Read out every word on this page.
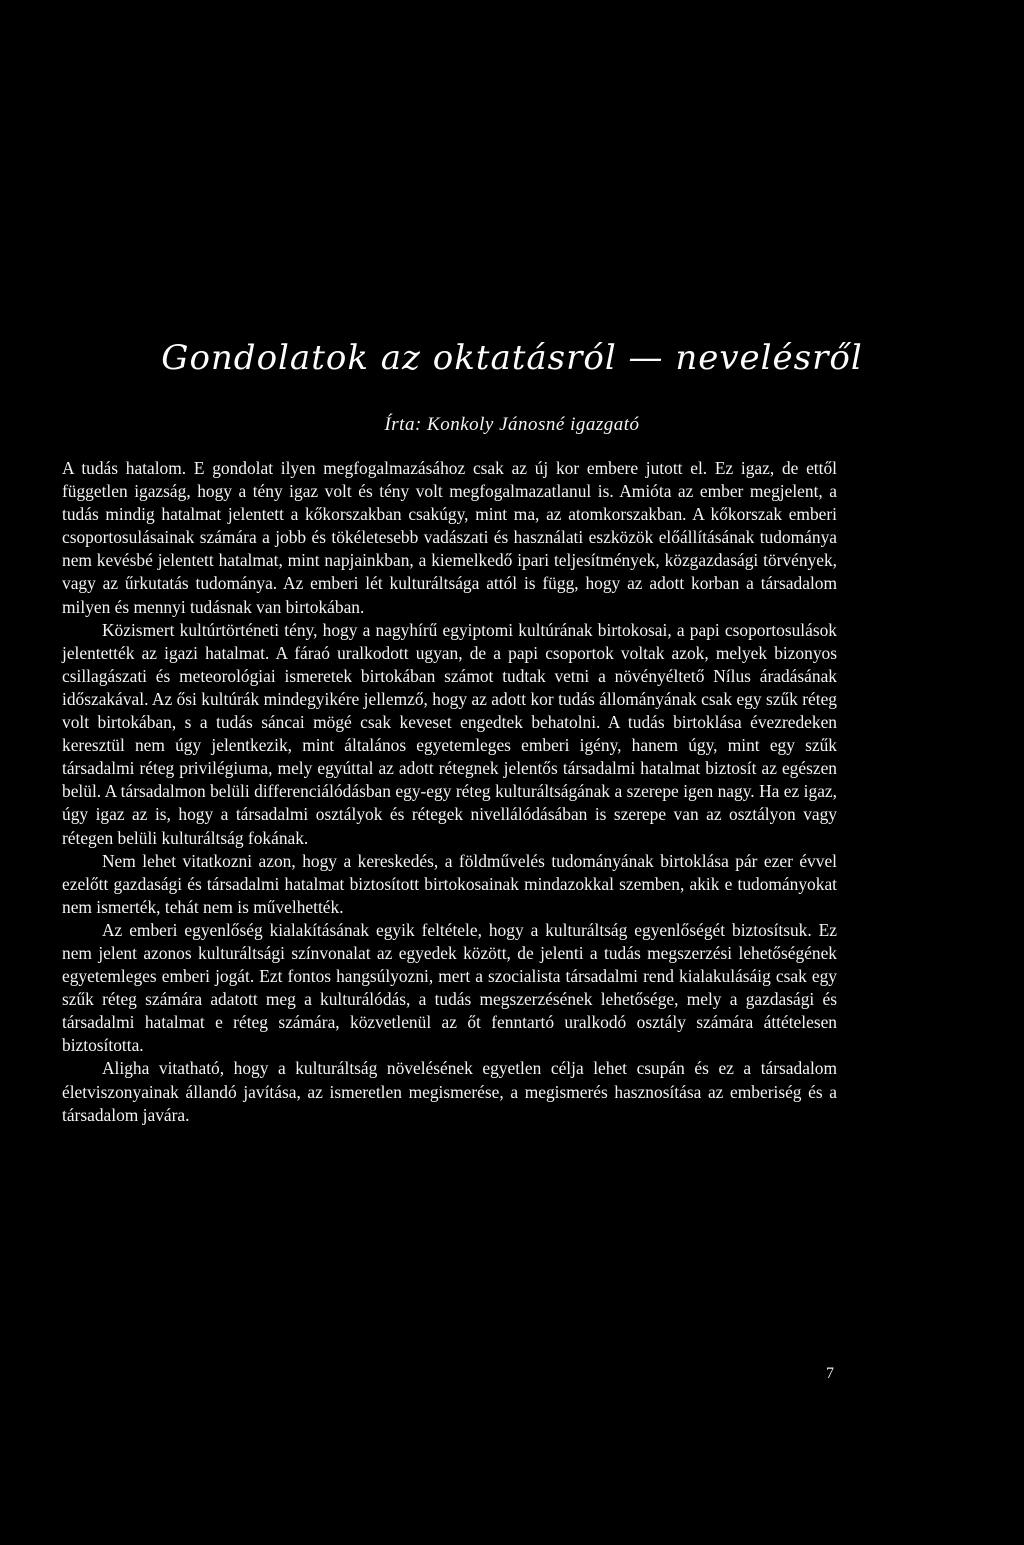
Gondolatok az oktatásról — nevelésről
Írta: Konkoly Jánosné igazgató

A tudás hatalom. E gondolat ilyen megfogalmazásához csak az új kor embere jutott el. Ez igaz, de ettől független igazság, hogy a tény igaz volt és tény volt megfogalmazatlanul is. Amióta az ember megjelent, a tudás mindig hatalmat jelentett a kőkorszakban csakúgy, mint ma, az atomkorszakban. A kőkorszak emberi csoportosulásainak számára a jobb és tökéletesebb vadászati és használati eszközök előállításának tudománya nem kevésbé jelentett hatalmat, mint napjainkban, a kiemelkedő ipari teljesítmények, közgazdasági törvények, vagy az űrkutatás tudománya. Az emberi lét kulturáltsága attól is függ, hogy az adott korban a társadalom milyen és mennyi tudásnak van birtokában.

Közismert kultúrtörténeti tény, hogy a nagyhírű egyiptomi kultúrának birtokosai, a papi csoportosulások jelentették az igazi hatalmat. A fáraó uralkodott ugyan, de a papi csoportok voltak azok, melyek bizonyos csillagászati és meteorológiai ismeretek birtokában számot tudtak vetni a növényéltető Nílus áradásának időszakával. Az ősi kultúrák mindegyikére jellemző, hogy az adott kor tudás állományának csak egy szűk réteg volt birtokában, s a tudás sáncai mögé csak keveset engedtek behatolni. A tudás birtoklása évezredeken keresztül nem úgy jelentkezik, mint általános egyetemleges emberi igény, hanem úgy, mint egy szűk társadalmi réteg privilégiuma, mely egyúttal az adott rétegnek jelentős társadalmi hatalmat biztosít az egészen belül. A társadalmon belüli differenciálódásban egy-egy réteg kulturáltságának a szerepe igen nagy. Ha ez igaz, úgy igaz az is, hogy a társadalmi osztályok és rétegek nivellálódásában is szerepe van az osztályon vagy rétegen belüli kulturáltság fokának.

Nem lehet vitatkozni azon, hogy a kereskedés, a földművelés tudományának birtoklása pár ezer évvel ezelőtt gazdasági és társadalmi hatalmat biztosított birtokosainak mindazokkal szemben, akik e tudományokat nem ismerték, tehát nem is művelhették.

Az emberi egyenlőség kialakításának egyik feltétele, hogy a kulturáltság egyenlőségét biztosítsuk. Ez nem jelent azonos kulturáltsági színvonalat az egyedek között, de jelenti a tudás megszerzési lehetőségének egyetemleges emberi jogát. Ezt fontos hangsúlyozni, mert a szocialista társadalmi rend kialakulásáig csak egy szűk réteg számára adatott meg a kulturálódás, a tudás megszerzésének lehetősége, mely a gazdasági és társadalmi hatalmat e réteg számára, közvetlenül az őt fenntartó uralkodó osztály számára áttételesen biztosította.

Aligha vitatható, hogy a kulturáltság növelésének egyetlen célja lehet csupán és ez a társadalom életviszonyainak állandó javítása, az ismeretlen megismerése, a megismerés hasznosítása az emberiség és a társadalom javára.

7
